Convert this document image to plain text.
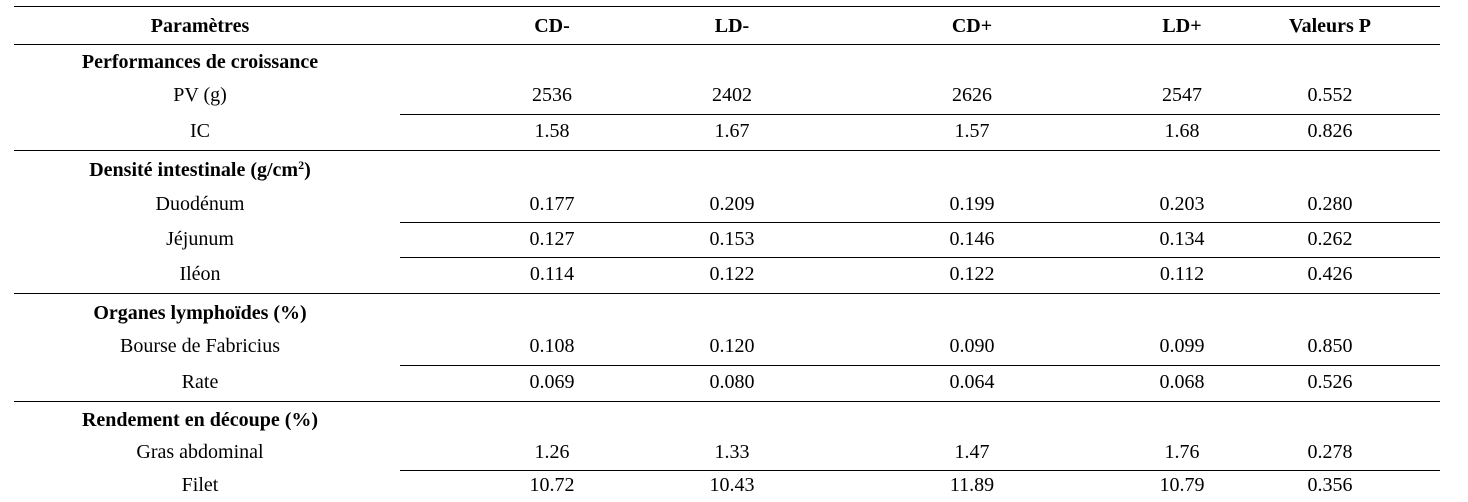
Paramètres	CD-	LD-	CD+	LD+	Valeurs P
Performances de croissance
PV (g)	2536	2402	2626	2547	0.552
IC	1.58	1.67	1.57	1.68	0.826
Densité intestinale $(g/cm^2)$
Duodénum	0.177	0.209	0.199	0.203	0.280
Jéjunum	0.127	0.153	0.146	0.134	0.262
Iléon	0.114	0.122	0.122	0.112	0.426
Organes lymphoïdes (%)
Bourse de Fabricius	0.108	0.120	0.090	0.099	0.850
Rate	0.069	0.080	0.064	0.068	0.526
Rendement en découpe (%)
Gras abdominal	1.26	1.33	1.47	1.76	0.278
Filet	10.72	10.43	11.89	10.79	0.356
